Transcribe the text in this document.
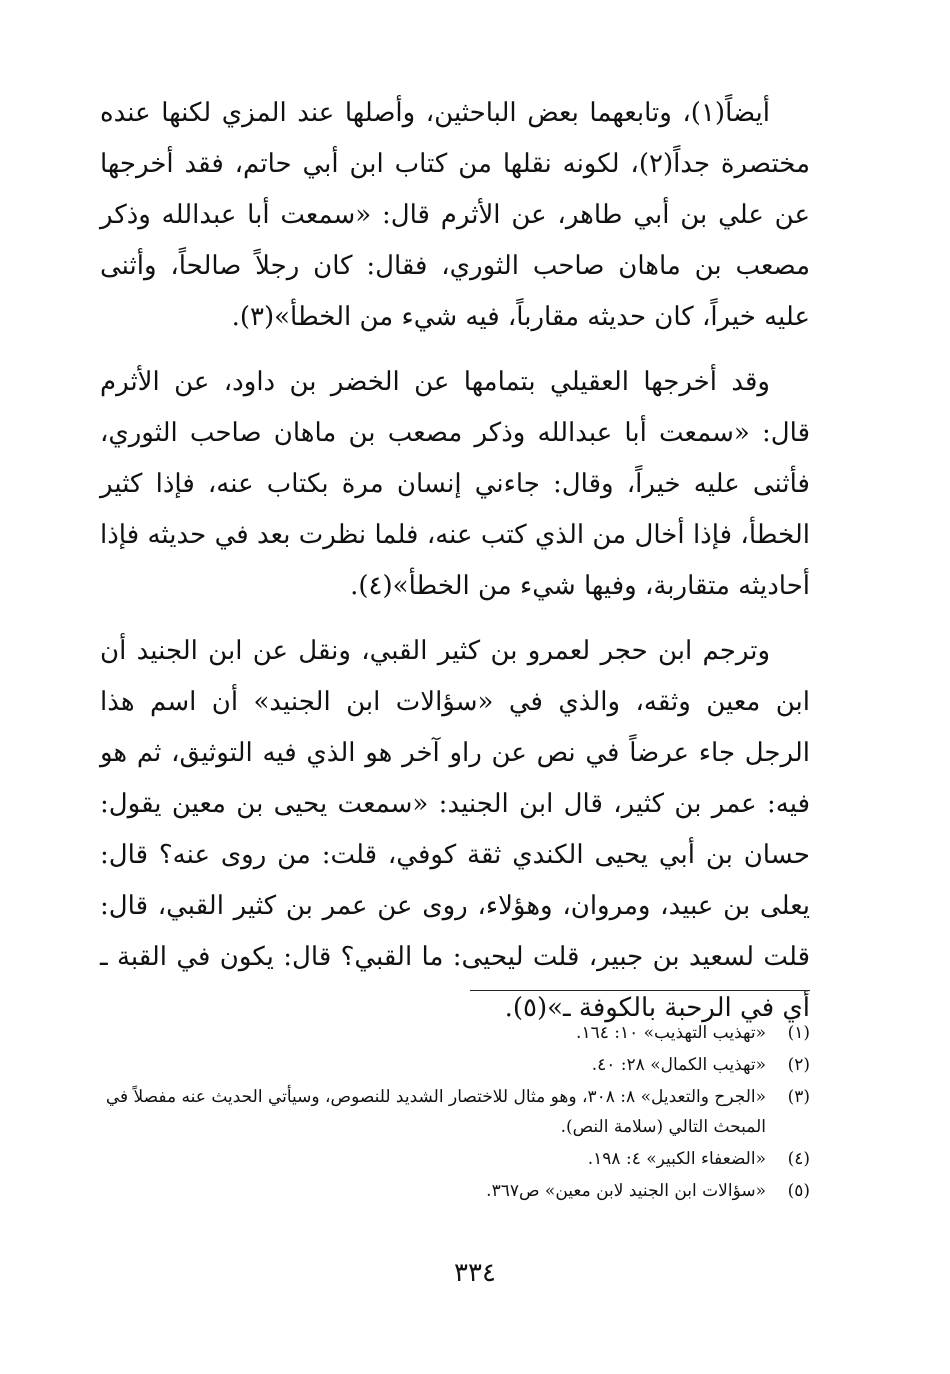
أيضاً(١)، وتابعهما بعض الباحثين، وأصلها عند المزي لكنها عنده مختصرة جداً(٢)، لكونه نقلها من كتاب ابن أبي حاتم، فقد أخرجها عن علي بن أبي طاهر، عن الأثرم قال: «سمعت أبا عبدالله وذكر مصعب بن ماهان صاحب الثوري، فقال: كان رجلاً صالحاً، وأثنى عليه خيراً، كان حديثه مقارباً، فيه شيء من الخطأ»(٣).

وقد أخرجها العقيلي بتمامها عن الخضر بن داود، عن الأثرم قال: «سمعت أبا عبدالله وذكر مصعب بن ماهان صاحب الثوري، فأثنى عليه خيراً، وقال: جاءني إنسان مرة بكتاب عنه، فإذا كثير الخطأ، فإذا أخال من الذي كتب عنه، فلما نظرت بعد في حديثه فإذا أحاديثه متقاربة، وفيها شيء من الخطأ»(٤).

وترجم ابن حجر لعمرو بن كثير القبي، ونقل عن ابن الجنيد أن ابن معين وثقه، والذي في «سؤالات ابن الجنيد» أن اسم هذا الرجل جاء عرضاً في نص عن راو آخر هو الذي فيه التوثيق، ثم هو فيه: عمر بن كثير، قال ابن الجنيد: «سمعت يحيى بن معين يقول: حسان بن أبي يحيى الكندي ثقة كوفي، قلت: من روى عنه؟ قال: يعلى بن عبيد، ومروان، وهؤلاء، روى عن عمر بن كثير القبي، قال: قلت لسعيد بن جبير، قلت ليحيى: ما القبي؟ قال: يكون في القبة ـ أي في الرحبة بالكوفة ـ»(٥).

(١)
«تهذيب التهذيب» ١٠: ١٦٤.
(٢)
«تهذيب الكمال» ٢٨: ٤٠.
(٣)
«الجرح والتعديل» ٨: ٣٠٨، وهو مثال للاختصار الشديد للنصوص، وسيأتي الحديث عنه مفصلاً في المبحث التالي (سلامة النص).
(٤)
«الضعفاء الكبير» ٤: ١٩٨.
(٥)
«سؤالات ابن الجنيد لابن معين» ص٣٦٧.
٣٣٤
